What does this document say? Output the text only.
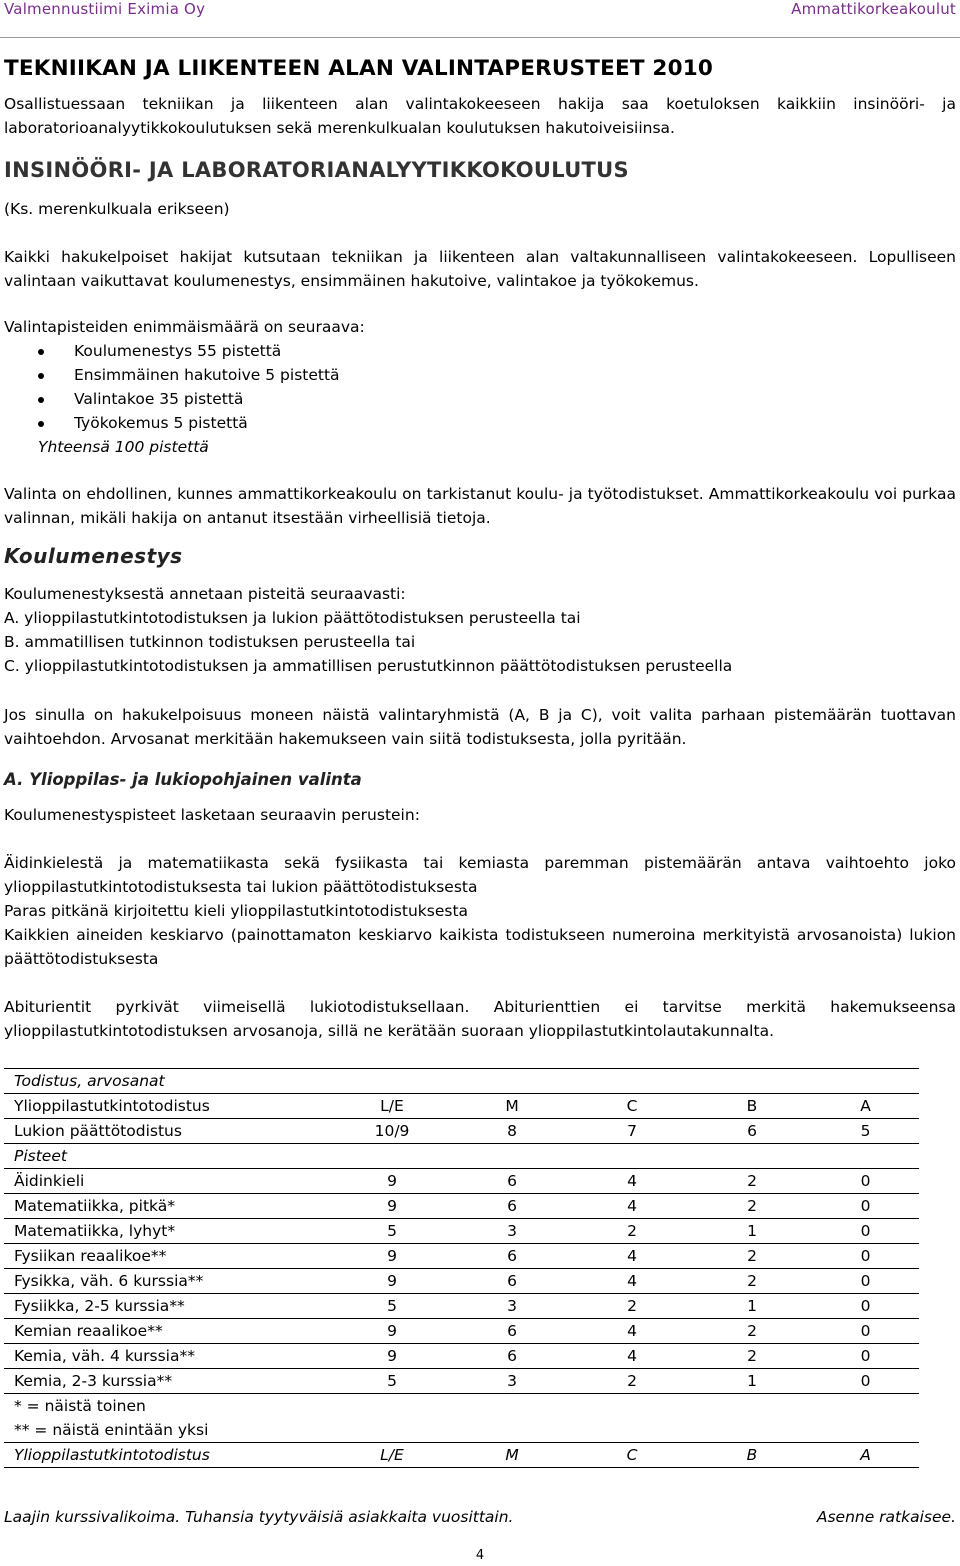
Valmennustiimi Eximia Oy	Ammattikorkeakoulut
TEKNIIKAN JA LIIKENTEEN ALAN VALINTAPERUSTEET 2010
Osallistuessaan tekniikan ja liikenteen alan valintakokeeseen hakija saa koetuloksen kaikkiin insinööri- ja laboratorioanalyytikkokoulutuksen sekä merenkulkualan koulutuksen hakutoiveisiinsa.
INSINÖÖRI- JA LABORATORIANALYYTIKKOKOULUTUS
(Ks. merenkulkuala erikseen)
Kaikki hakukelpoiset hakijat kutsutaan tekniikan ja liikenteen alan valtakunnalliseen valintakokeeseen. Lopulliseen valintaan vaikuttavat koulumenestys, ensimmäinen hakutoive, valintakoe ja työkokemus.
Valintapisteiden enimmäismäärä on seuraava:
Koulumenestys 55 pistettä
Ensimmäinen hakutoive 5 pistettä
Valintakoe 35 pistettä
Työkokemus 5 pistettä
Yhteensä 100 pistettä
Valinta on ehdollinen, kunnes ammattikorkeakoulu on tarkistanut koulu- ja työtodistukset. Ammattikorkeakoulu voi purkaa valinnan, mikäli hakija on antanut itsestään virheellisiä tietoja.
Koulumenestys
Koulumenestyksestä annetaan pisteitä seuraavasti:
A. ylioppilastutkintotodistuksen ja lukion päättötodistuksen perusteella tai
B. ammatillisen tutkinnon todistuksen perusteella tai
C. ylioppilastutkintotodistuksen ja ammatillisen perustutkinnon päättötodistuksen perusteella
Jos sinulla on hakukelpoisuus moneen näistä valintaryhmistä (A, B ja C), voit valita parhaan pistemäärän tuottavan vaihtoehdon. Arvosanat merkitään hakemukseen vain siitä todistuksesta, jolla pyritään.
A. Ylioppilas- ja lukiopohjainen valinta
Koulumenestyspisteet lasketaan seuraavin perustein:
Äidinkielestä ja matematiikasta sekä fysiikasta tai kemiasta paremman pistemäärän antava vaihtoehto joko ylioppilastutkintotodistuksesta tai lukion päättötodistuksesta
Paras pitkänä kirjoitettu kieli ylioppilastutkintotodistuksesta
Kaikkien aineiden keskiarvo (painottamaton keskiarvo kaikista todistukseen numeroina merkityistä arvosanoista) lukion päättötodistuksesta
Abiturientit pyrkivät viimeisellä lukiotodistuksellaan. Abiturienttien ei tarvitse merkitä hakemukseensa ylioppilastutkintotodistuksen arvosanoja, sillä ne kerätään suoraan ylioppilastutkintolautakunnalta.
Todistus, arvosanat					
Ylioppilastutkintotodistus	L/E	M	C	B	A
Lukion päättötodistus	10/9	8	7	6	5
Pisteet					
Äidinkieli	9	6	4	2	0
Matematiikka, pitkä*	9	6	4	2	0
Matematiikka, lyhyt*	5	3	2	1	0
Fysiikan reaalikoe**	9	6	4	2	0
Fysikka, väh. 6 kurssia**	9	6	4	2	0
Fysiikka, 2-5 kurssia**	5	3	2	1	0
Kemian reaalikoe**	9	6	4	2	0
Kemia, väh. 4 kurssia**	9	6	4	2	0
Kemia, 2-3 kurssia**	5	3	2	1	0
* = näistä toinen					
** = näistä enintään yksi					
Ylioppilastutkintotodistus	L/E	M	C	B	A
Laajin kurssivalikoima. Tuhansia tyytyväisiä asiakkaita vuosittain.	Asenne ratkaisee.
4
